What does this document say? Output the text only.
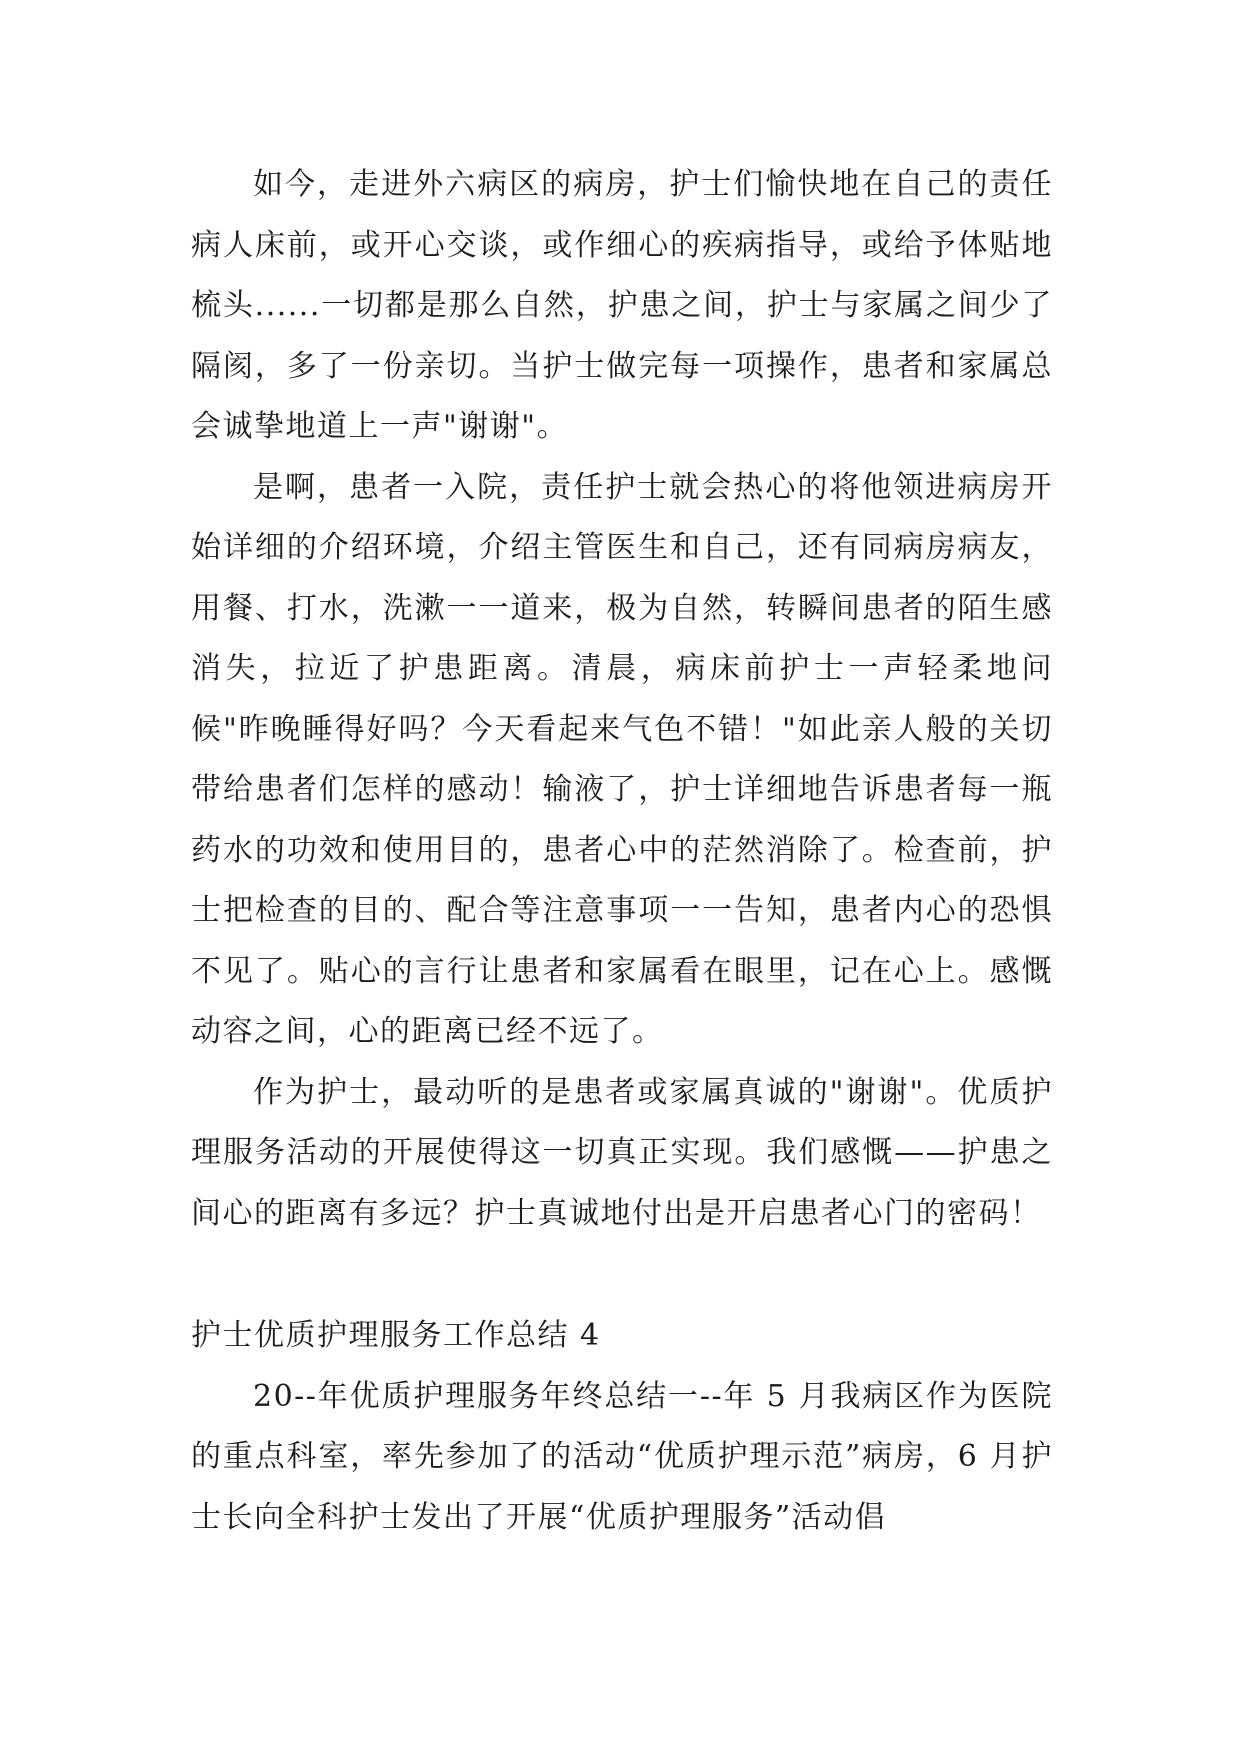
如今，走进外六病区的病房，护士们愉快地在自己的责任病人床前，或开心交谈，或作细心的疾病指导，或给予体贴地梳头......一切都是那么自然，护患之间，护士与家属之间少了隔阂，多了一份亲切。当护士做完每一项操作，患者和家属总会诚挚地道上一声"谢谢"。

是啊，患者一入院，责任护士就会热心的将他领进病房开始详细的介绍环境，介绍主管医生和自己，还有同病房病友，用餐、打水，洗漱一一道来，极为自然，转瞬间患者的陌生感消失，拉近了护患距离。清晨，病床前护士一声轻柔地问候"昨晚睡得好吗？今天看起来气色不错！"如此亲人般的关切带给患者们怎样的感动！输液了，护士详细地告诉患者每一瓶药水的功效和使用目的，患者心中的茫然消除了。检查前，护士把检查的目的、配合等注意事项一一告知，患者内心的恐惧不见了。贴心的言行让患者和家属看在眼里，记在心上。感慨动容之间，心的距离已经不远了。

作为护士，最动听的是患者或家属真诚的"谢谢"。优质护理服务活动的开展使得这一切真正实现。我们感慨——护患之间心的距离有多远？护士真诚地付出是开启患者心门的密码！

护士优质护理服务工作总结 4

20--年优质护理服务年终总结一--年 5 月我病区作为医院的重点科室，率先参加了的活动“优质护理示范”病房，6 月护士长向全科护士发出了开展“优质护理服务”活动倡
